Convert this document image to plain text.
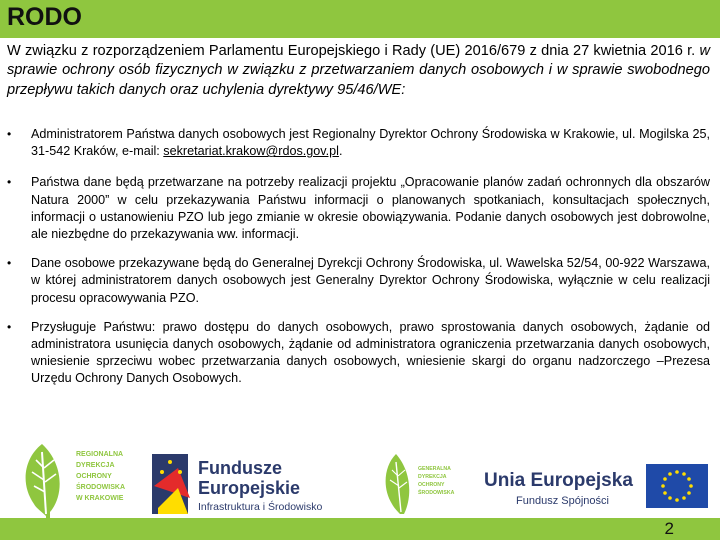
RODO

W związku z rozporządzeniem Parlamentu Europejskiego i Rady (UE) 2016/679 z dnia 27 kwietnia 2016 r. w sprawie ochrony osób fizycznych w związku z przetwarzaniem danych osobowych i w sprawie swobodnego przepływu takich danych oraz uchylenia dyrektywy 95/46/WE:

• Administratorem Państwa danych osobowych jest Regionalny Dyrektor Ochrony Środowiska w Krakowie, ul. Mogilska 25, 31-542 Kraków, e-mail: sekretariat.krakow@rdos.gov.pl.
• Państwa dane będą przetwarzane na potrzeby realizacji projektu „Opracowanie planów zadań ochronnych dla obszarów Natura 2000” w celu przekazywania Państwu informacji o planowanych spotkaniach, konsultacjach społecznych, informacji o ustanowieniu PZO lub jego zmianie w okresie obowiązywania. Podanie danych osobowych jest dobrowolne, ale niezbędne do przekazywania ww. informacji.
• Dane osobowe przekazywane będą do Generalnej Dyrekcji Ochrony Środowiska, ul. Wawelska 52/54, 00-922 Warszawa, w której administratorem danych osobowych jest Generalny Dyrektor Ochrony Środowiska, wyłącznie w celu realizacji procesu opracowywania PZO.
• Przysługuje Państwu: prawo dostępu do danych osobowych, prawo sprostowania danych osobowych, żądanie od administratora usunięcia danych osobowych, żądanie od administratora ograniczenia przetwarzania danych osobowych, wniesienie sprzeciwu wobec przetwarzania danych osobowych, wniesienie skargi do organu nadzorczego –Prezesa Urzędu Ochrony Danych Osobowych.
2
REGIONALNA
DYREKCJA
OCHRONY
ŚRODOWISKA
W KRAKOWIE
Fundusze
Europejskie
Infrastruktura i Środowisko
GENERALNA
DYREKCJA
OCHRONY
ŚRODOWISKA
Unia Europejska
Fundusz Spójności
